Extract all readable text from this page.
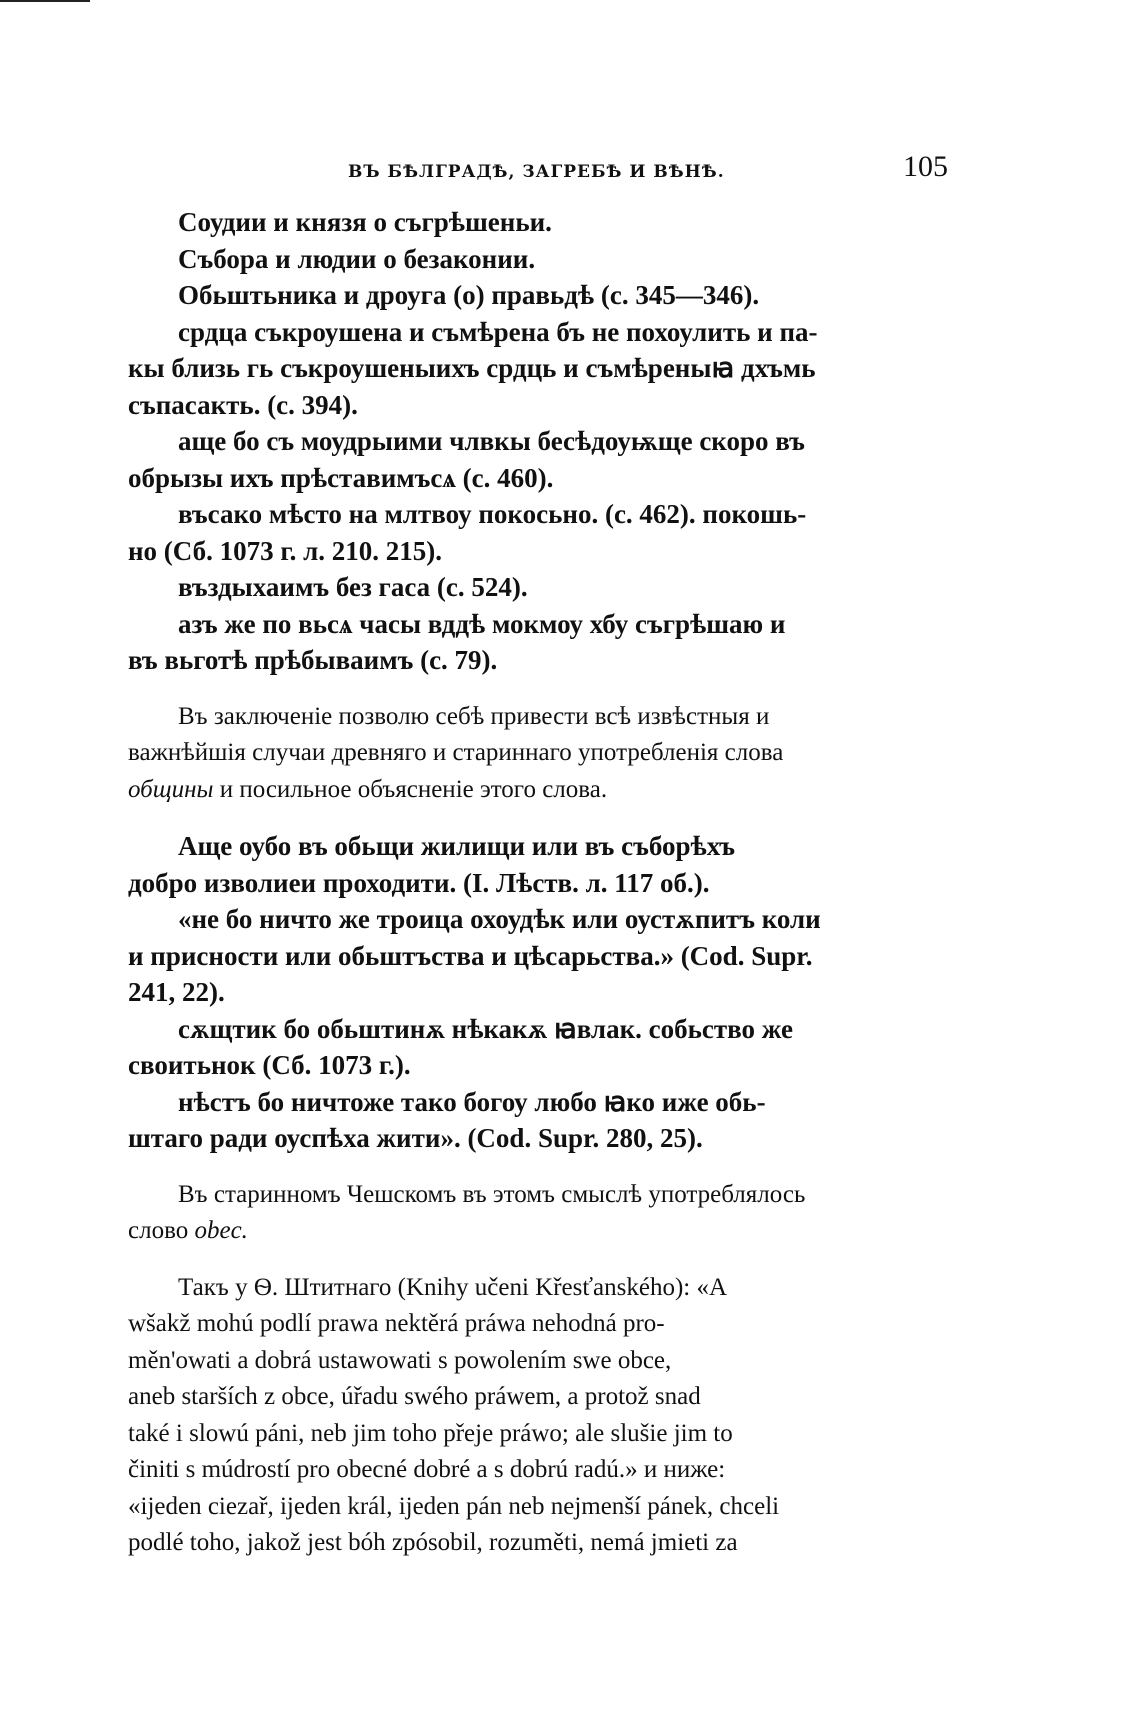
ВЪ БѢЛГРАДѢ, ЗАГРЕБѢ И ВѢНѢ.	105
Соудии и князя о съгрѣшеньи.
Събора и людии о безаконии.
Обьштьника и дроуга (о) правьдѣ (с. 345—346).
срдца съкроушена и съмѣрена бъ не похоулить и па-
кы близь гь съкроушеныихъ срдць и съмѣреныꙗ дхъмь
съпасакть. (с. 394).
аще бо съ моудрыими члвкы бесѣдоуѭще скоро въ
обрызы ихъ прѣставимъсѧ (с. 460).
въсако мѣсто на млтвоу покосьно. (с. 462). покошь-
но (Сб. 1073 г. л. 210. 215).
въздыхаимъ без гаса (с. 524).
азъ же по вьсѧ часы вддѣ мокмоу хбу съгрѣшаю и
въ вьготѣ прѣбываимъ (с. 79).
Въ заключеніе позволю себѣ привести всѣ извѣстныя и
важнѣйшія случаи древняго и стариннаго употребленія слова
общины и посильное объясненіе этого слова.
Аще оубо въ обьщи жилищи или въ съборѣхъ
добро изволиеи проходити. (I. Лѣств. л. 117 об.).
«не бо ничто же троица охоудѣк или оустѫпитъ коли
и присности или обьштъства и цѣсарьства.» (Cod. Supr.
241, 22).
сѫщтик бо обьштинѫ нѣкакѫ ꙗвлак. собьство же
своитьнок (Сб. 1073 г.).
нѣстъ бо ничтоже тако богоу любо ꙗко иже обь-
штаго ради оуспѣха жити». (Cod. Supr. 280, 25).
Въ старинномъ Чешскомъ въ этомъ смыслѣ употреблялось
слово obec.
Такъ у Ѳ. Штитнаго (Knihy učenі Křesťanského): «A
wšakž mohú podlí prawa nektěrá práwa nehodná pro-
měn'owati a dobrá ustawowati s powolením swe obce,
aneb starších z obce, úřadu swého práwem, a protož snad
také i slowú páni, neb jim toho přeje práwo; ale slušie jim to
činiti s múdrostí pro obecné dobré a s dobrú radú.» и ниже:
«ijeden ciezař, ijeden král, ijeden pán neb nejmenší pánek, chceli
podlé toho, jakož jest bóh zpósobil, rozuměti, nemá jmieti za
